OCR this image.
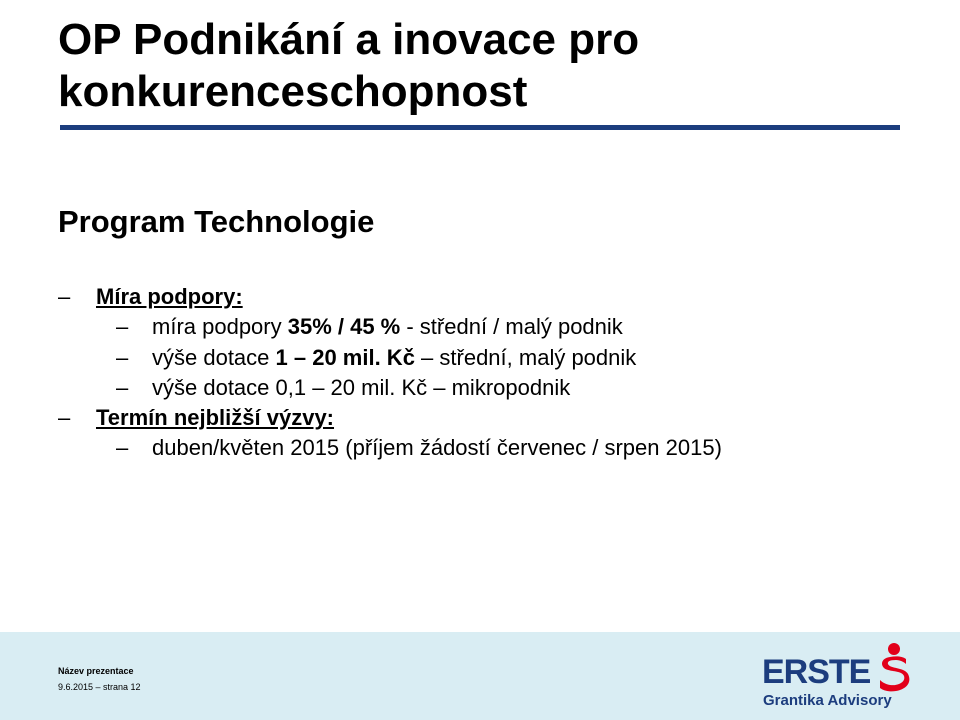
OP Podnikání a inovace pro konkurenceschopnost
Program Technologie
– Míra podpory:
– míra podpory 35% / 45 % - střední / malý podnik
– výše dotace 1 – 20 mil. Kč – střední, malý podnik
– výše dotace 0,1 – 20 mil. Kč – mikropodnik
– Termín nejbližší výzvy:
– duben/květen 2015 (příjem žádostí červenec / srpen 2015)
Název prezentace
9.6.2015 – strana 12	ERSTE
Grantika Advisory
